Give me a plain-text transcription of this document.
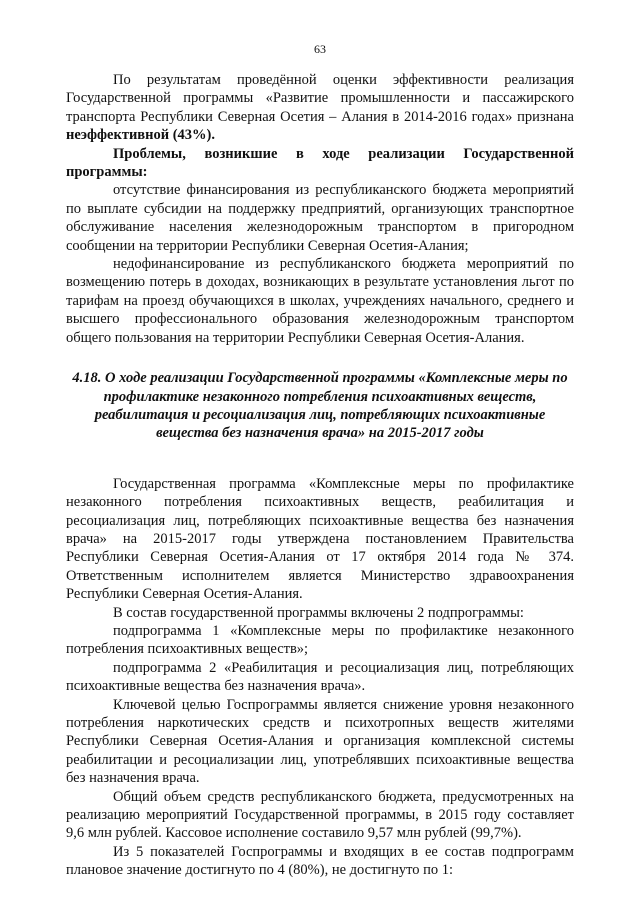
63

По результатам проведённой оценки эффективности реализация Государственной программы «Развитие промышленности и пассажирского транспорта Республики Северная Осетия – Алания в 2014-2016 годах» признана неэффективной (43%).

Проблемы, возникшие в ходе реализации Государственной программы:

отсутствие финансирования из республиканского бюджета мероприятий по выплате субсидии на поддержку предприятий, организующих транспортное обслуживание населения железнодорожным транспортом в пригородном сообщении на территории Республики Северная Осетия-Алания;

недофинансирование из республиканского бюджета мероприятий по возмещению потерь в доходах, возникающих в результате установления льгот по тарифам на проезд обучающихся в школах, учреждениях начального, среднего и высшего профессионального образования железнодорожным транспортом общего пользования на территории Республики Северная Осетия-Алания.

4.18. О ходе реализации Государственной программы «Комплексные меры по профилактике незаконного потребления психоактивных веществ, реабилитация и ресоциализация лиц, потребляющих психоактивные вещества без назначения врача» на 2015-2017 годы

Государственная программа «Комплексные меры по профилактике незаконного потребления психоактивных веществ, реабилитация и ресоциализация лиц, потребляющих психоактивные вещества без назначения врача» на 2015-2017 годы утверждена постановлением Правительства Республики Северная Осетия-Алания от 17 октября 2014 года № 374. Ответственным исполнителем является Министерство здравоохранения Республики Северная Осетия-Алания.

В состав государственной программы включены 2 подпрограммы:

подпрограмма 1 «Комплексные меры по профилактике незаконного потребления психоактивных веществ»;

подпрограмма 2 «Реабилитация и ресоциализация лиц, потребляющих психоактивные вещества без назначения врача».

Ключевой целью Госпрограммы является снижение уровня незаконного потребления наркотических средств и психотропных веществ жителями Республики Северная Осетия-Алания и организация комплексной системы реабилитации и ресоциализации лиц, употреблявших психоактивные вещества без назначения врача.

Общий объем средств республиканского бюджета, предусмотренных на реализацию мероприятий Государственной программы, в 2015 году составляет 9,6 млн рублей. Кассовое исполнение составило 9,57 млн рублей (99,7%).

Из 5 показателей Госпрограммы и входящих в ее состав подпрограмм плановое значение достигнуто по 4 (80%), не достигнуто по 1:
